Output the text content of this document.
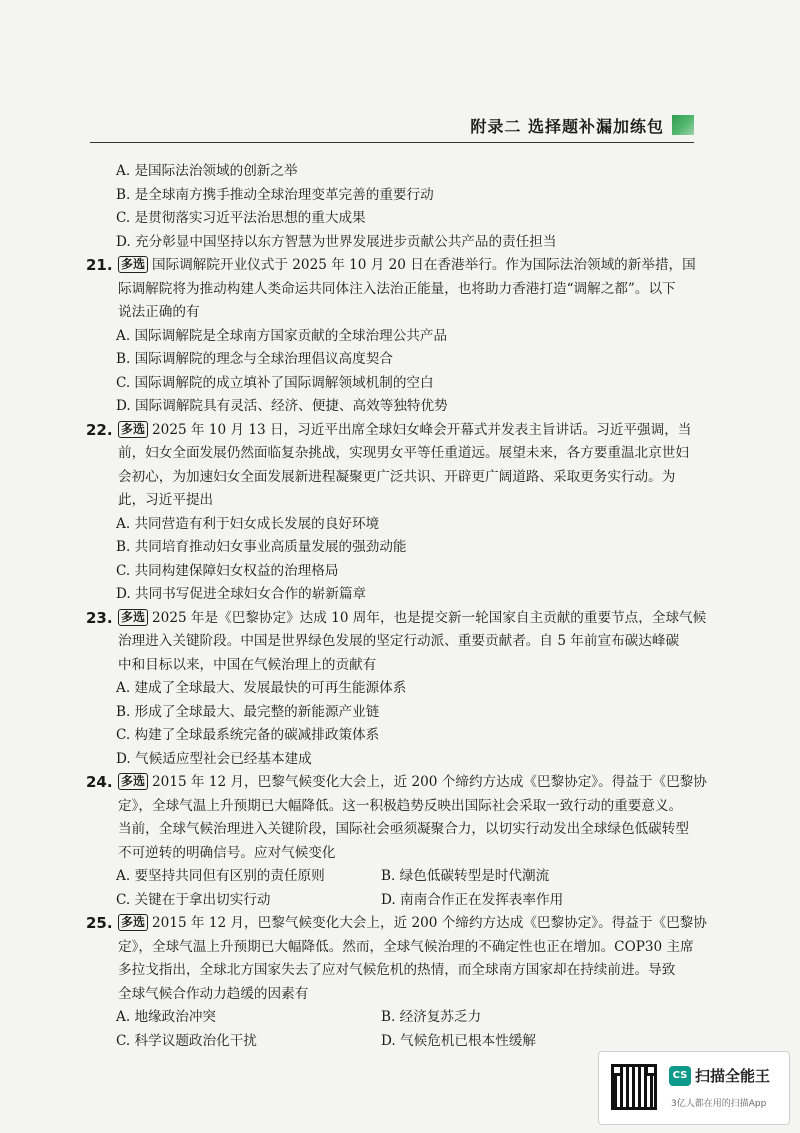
附录二 选择题补漏加练包
A. 是国际法治领域的创新之举
B. 是全球南方携手推动全球治理变革完善的重要行动
C. 是贯彻落实习近平法治思想的重大成果
D. 充分彰显中国坚持以东方智慧为世界发展进步贡献公共产品的责任担当
21. 多选 国际调解院开业仪式于 2025 年 10 月 20 日在香港举行。作为国际法治领域的新举措，国
际调解院将为推动构建人类命运共同体注入法治正能量，也将助力香港打造“调解之都”。以下
说法正确的有
A. 国际调解院是全球南方国家贡献的全球治理公共产品
B. 国际调解院的理念与全球治理倡议高度契合
C. 国际调解院的成立填补了国际调解领域机制的空白
D. 国际调解院具有灵活、经济、便捷、高效等独特优势
22. 多选 2025 年 10 月 13 日，习近平出席全球妇女峰会开幕式并发表主旨讲话。习近平强调，当
前，妇女全面发展仍然面临复杂挑战，实现男女平等任重道远。展望未来，各方要重温北京世妇
会初心，为加速妇女全面发展新进程凝聚更广泛共识、开辟更广阔道路、采取更务实行动。为
此，习近平提出
A. 共同营造有利于妇女成长发展的良好环境
B. 共同培育推动妇女事业高质量发展的强劲动能
C. 共同构建保障妇女权益的治理格局
D. 共同书写促进全球妇女合作的崭新篇章
23. 多选 2025 年是《巴黎协定》达成 10 周年，也是提交新一轮国家自主贡献的重要节点，全球气候
治理进入关键阶段。中国是世界绿色发展的坚定行动派、重要贡献者。自 5 年前宣布碳达峰碳
中和目标以来，中国在气候治理上的贡献有
A. 建成了全球最大、发展最快的可再生能源体系
B. 形成了全球最大、最完整的新能源产业链
C. 构建了全球最系统完备的碳减排政策体系
D. 气候适应型社会已经基本建成
24. 多选 2015 年 12 月，巴黎气候变化大会上，近 200 个缔约方达成《巴黎协定》。得益于《巴黎协
定》，全球气温上升预期已大幅降低。这一积极趋势反映出国际社会采取一致行动的重要意义。
当前，全球气候治理进入关键阶段，国际社会亟须凝聚合力，以切实行动发出全球绿色低碳转型
不可逆转的明确信号。应对气候变化
A. 要坚持共同但有区别的责任原则	B. 绿色低碳转型是时代潮流
C. 关键在于拿出切实行动	D. 南南合作正在发挥表率作用
25. 多选 2015 年 12 月，巴黎气候变化大会上，近 200 个缔约方达成《巴黎协定》。得益于《巴黎协
定》，全球气温上升预期已大幅降低。然而，全球气候治理的不确定性也正在增加。COP30 主席
多拉戈指出，全球北方国家失去了应对气候危机的热情，而全球南方国家却在持续前进。导致
全球气候合作动力趋缓的因素有
A. 地缘政治冲突	B. 经济复苏乏力
C. 科学议题政治化干扰	D. 气候危机已根本性缓解
CS 扫描全能王
3亿人都在用的扫描App
